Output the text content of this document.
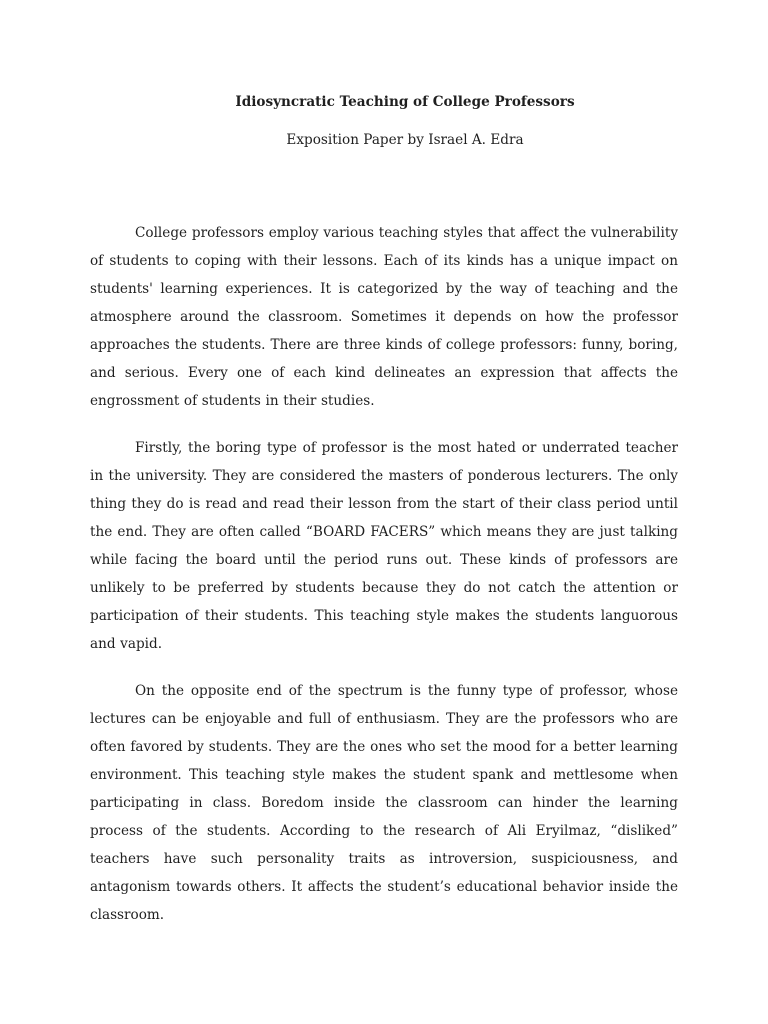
Idiosyncratic Teaching of College Professors

Exposition Paper by Israel A. Edra

College professors employ various teaching styles that affect the vulnerability of students to coping with their lessons. Each of its kinds has a unique impact on students' learning experiences. It is categorized by the way of teaching and the atmosphere around the classroom. Sometimes it depends on how the professor approaches the students. There are three kinds of college professors: funny, boring, and serious. Every one of each kind delineates an expression that affects the engrossment of students in their studies.

Firstly, the boring type of professor is the most hated or underrated teacher in the university. They are considered the masters of ponderous lecturers. The only thing they do is read and read their lesson from the start of their class period until the end. They are often called “BOARD FACERS” which means they are just talking while facing the board until the period runs out. These kinds of professors are unlikely to be preferred by students because they do not catch the attention or participation of their students. This teaching style makes the students languorous and vapid.

On the opposite end of the spectrum is the funny type of professor, whose lectures can be enjoyable and full of enthusiasm. They are the professors who are often favored by students. They are the ones who set the mood for a better learning environment. This teaching style makes the student spank and mettlesome when participating in class. Boredom inside the classroom can hinder the learning process of the students. According to the research of Ali Eryilmaz, “disliked” teachers have such personality traits as introversion, suspiciousness, and antagonism towards others. It affects the student’s educational behavior inside the classroom.
